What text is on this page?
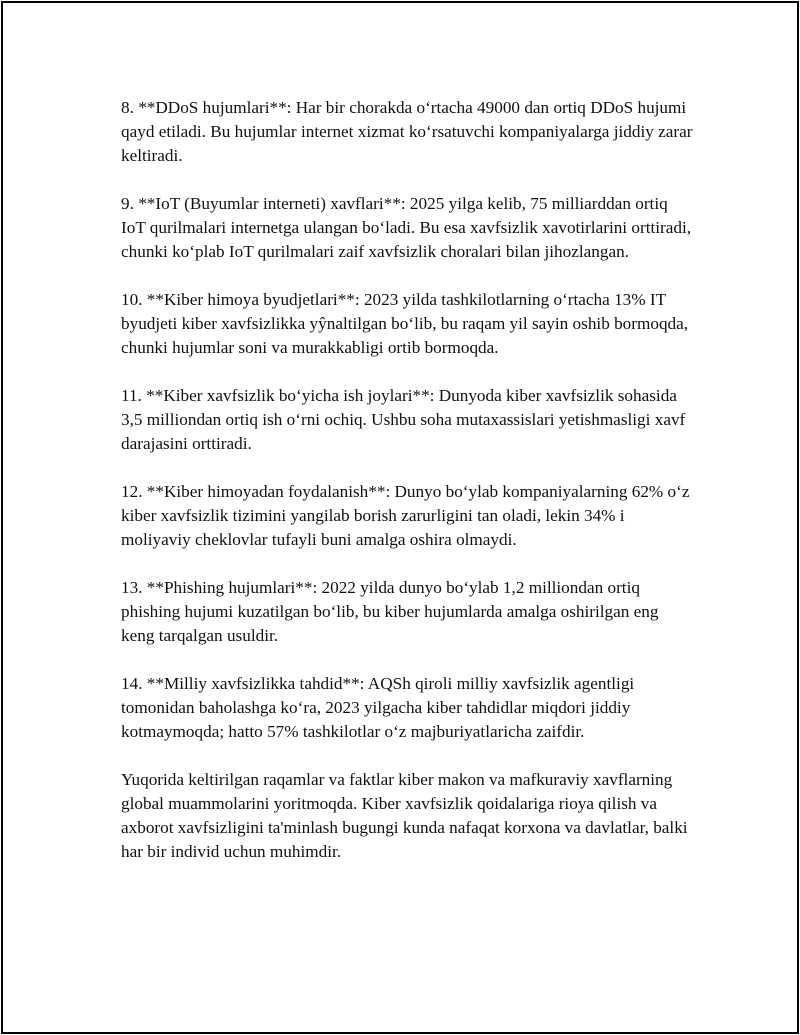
8. **DDoS hujumlari**: Har bir chorakda o‘rtacha 49000 dan ortiq DDoS hujumi qayd etiladi. Bu hujumlar internet xizmat ko‘rsatuvchi kompaniyalarga jiddiy zarar keltiradi.

9. **IoT (Buyumlar interneti) xavflari**: 2025 yilga kelib, 75 milliarddan ortiq IoT qurilmalari internetga ulangan bo‘ladi. Bu esa xavfsizlik xavotirlarini orttiradi, chunki ko‘plab IoT qurilmalari zaif xavfsizlik choralari bilan jihozlangan.

10. **Kiber himoya byudjetlari**: 2023 yilda tashkilotlarning o‘rtacha 13% IT byudjeti kiber xavfsizlikka yŷnaltilgan bo‘lib, bu raqam yil sayin oshib bormoqda, chunki hujumlar soni va murakkabligi ortib bormoqda.

11. **Kiber xavfsizlik bo‘yicha ish joylari**: Dunyoda kiber xavfsizlik sohasida 3,5 milliondan ortiq ish o‘rni ochiq. Ushbu soha mutaxassislari yetishmasligi xavf darajasini orttiradi.

12. **Kiber himoyadan foydalanish**: Dunyo bo‘ylab kompaniyalarning 62% o‘z kiber xavfsizlik tizimini yangilab borish zarurligini tan oladi, lekin 34% i moliyaviy cheklovlar tufayli buni amalga oshira olmaydi.

13. **Phishing hujumlari**: 2022 yilda dunyo bo‘ylab 1,2 milliondan ortiq phishing hujumi kuzatilgan bo‘lib, bu kiber hujumlarda amalga oshirilgan eng keng tarqalgan usuldir.

14. **Milliy xavfsizlikka tahdid**: AQSh qiroli milliy xavfsizlik agentligi tomonidan baholashga ko‘ra, 2023 yilgacha kiber tahdidlar miqdori jiddiy kotmaymoqda; hatto 57% tashkilotlar o‘z majburiyatlaricha zaifdir.

Yuqorida keltirilgan raqamlar va faktlar kiber makon va mafkuraviy xavflarning global muammolarini yoritmoqda. Kiber xavfsizlik qoidalariga rioya qilish va axborot xavfsizligini ta'minlash bugungi kunda nafaqat korxona va davlatlar, balki har bir individ uchun muhimdir.
